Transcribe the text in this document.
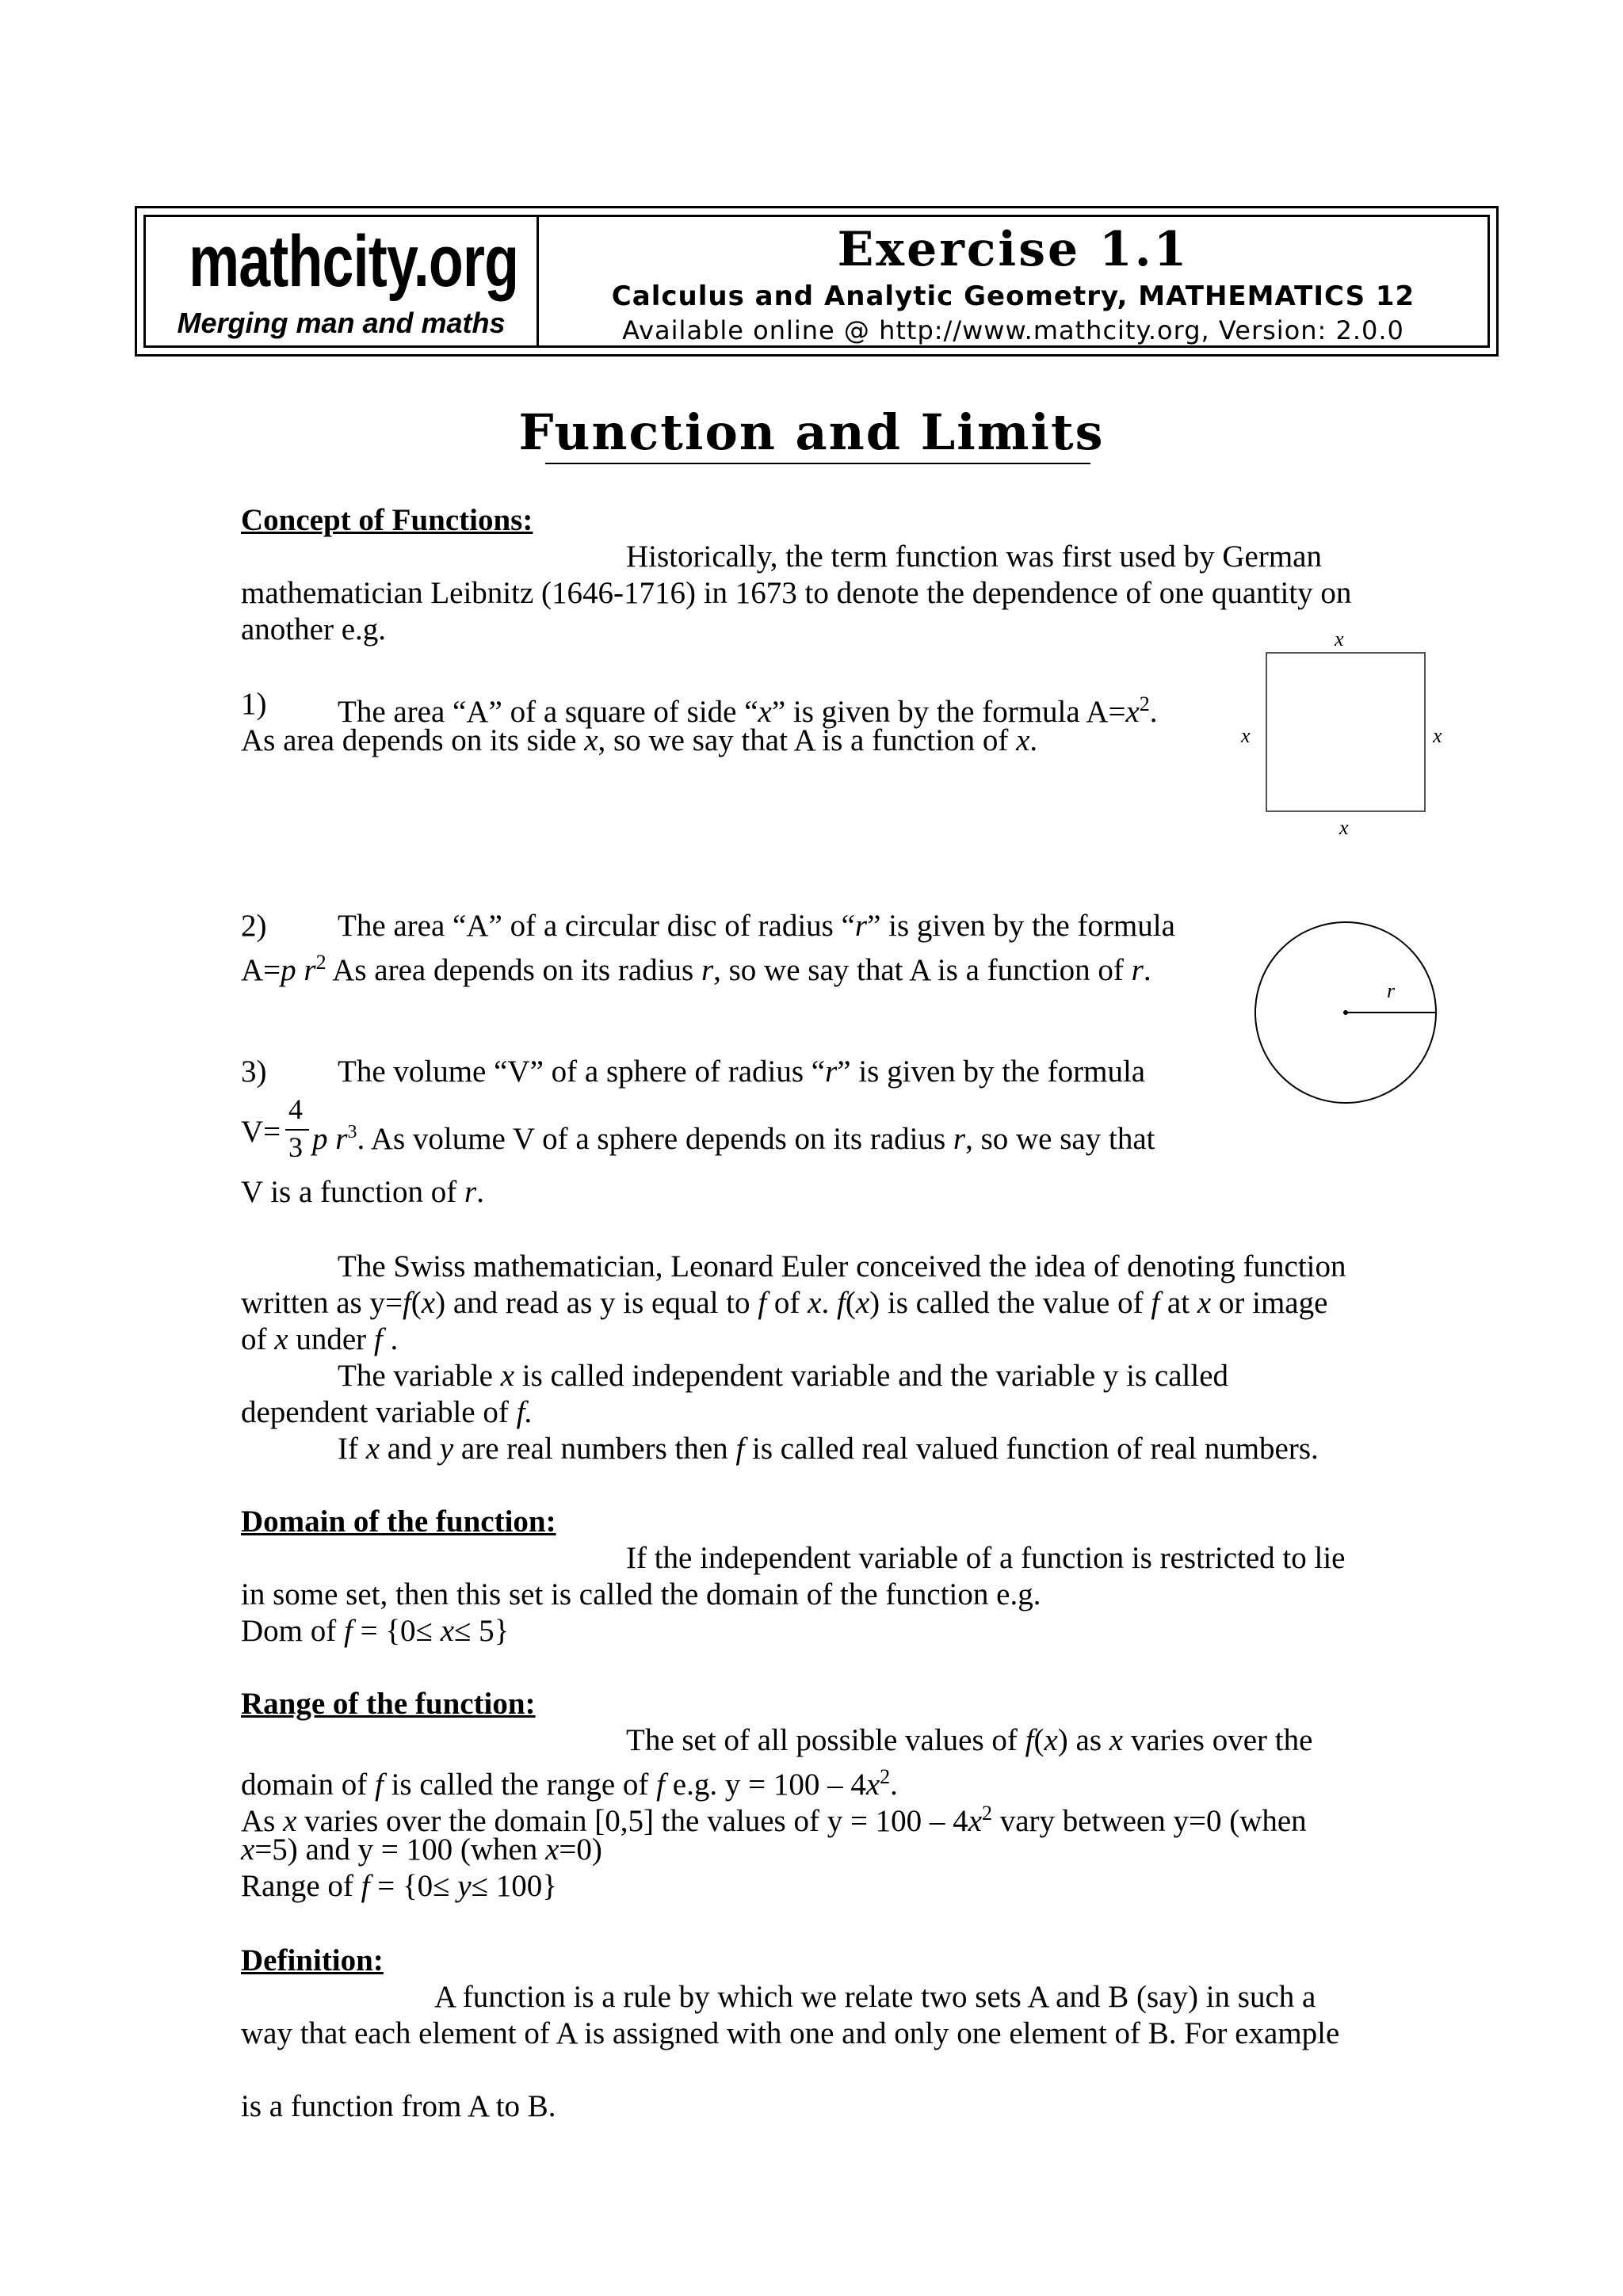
mathcity.org
Merging man and maths
Exercise 1.1
Calculus and Analytic Geometry, MATHEMATICS 12
Available online @ http://www.mathcity.org, Version: 2.0.0
Function and Limits
Concept of Functions:
Historically, the term function was first used by German
mathematician Leibnitz (1646-1716) in 1673 to denote the dependence of one quantity on
another e.g.
1) The area “A” of a square of side “x” is given by the formula $A=x^2$.
As area depends on its side x, so we say that A is a function of x.
x
x	x
x
2) The area “A” of a circular disc of radius “r” is given by the formula
A=p $r^2$ As area depends on its radius r, so we say that A is a function of r.
r
3) The volume “V” of a sphere of radius “r” is given by the formula
V=
4
3 p $r^3$. As volume V of a sphere depends on its radius r, so we say that
V is a function of r.
The Swiss mathematician, Leonard Euler conceived the idea of denoting function
written as y=f(x) and read as y is equal to f of x. f(x) is called the value of f at x or image
of x under f .
The variable x is called independent variable and the variable y is called
dependent variable of f.
If x and y are real numbers then f is called real valued function of real numbers.
Domain of the function:
If the independent variable of a function is restricted to lie
in some set, then this set is called the domain of the function e.g.
Dom of f = {0≤ x≤ 5}
Range of the function:
The set of all possible values of f(x) as x varies over the
domain of f is called the range of f e.g. $y = 100 - 4x^2$.
As x varies over the domain [0,5] the values of $y = 100 - 4x^2$ vary between y=0 (when
x=5) and y = 100 (when x=0)
Range of f = {0≤ y≤ 100}
Definition:
A function is a rule by which we relate two sets A and B (say) in such a
way that each element of A is assigned with one and only one element of B. For example
is a function from A to B.
